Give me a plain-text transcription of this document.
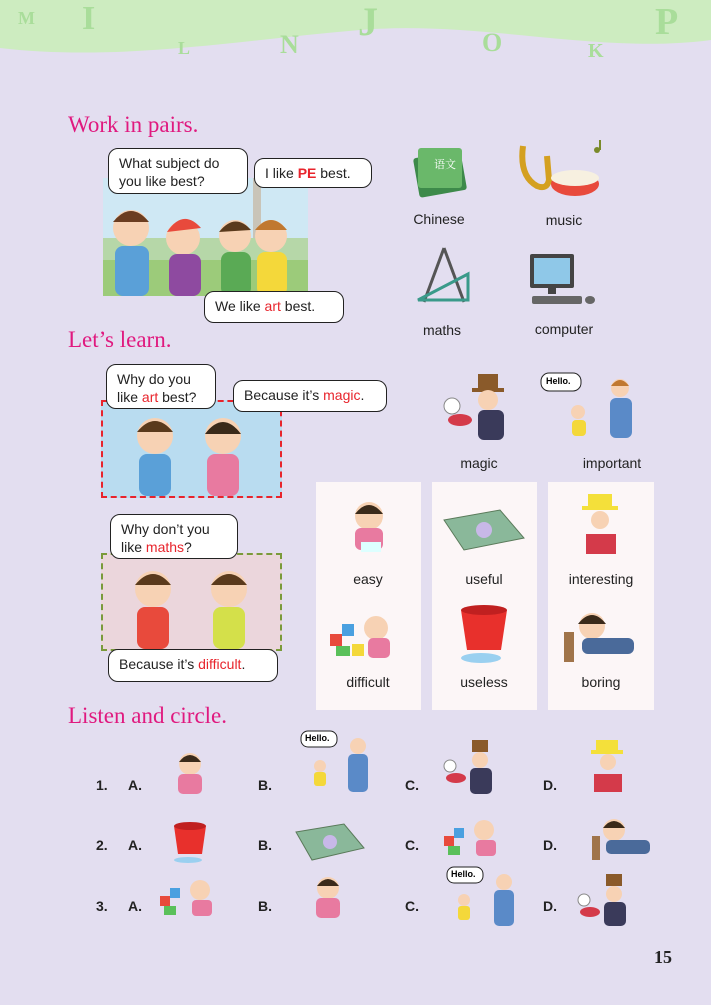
M I
L	N
J	O	K
P
Work in pairs.
What subject do you like best?	I like PE best.
We like art best.
语文
Chinese	music
maths	computer
Let’s learn.
Why do you like art best?	Because it’s magic.
Why don’t you like maths?
Because it’s difficult.
magic
Hello.
important
easy	useful	interesting
difficult	useless	boring
Listen and circle.
1. A.	B.
Hello.
C.	D.
2. A.	B.	C.	D.
3. A.	B.	C.
Hello.
D.
15
